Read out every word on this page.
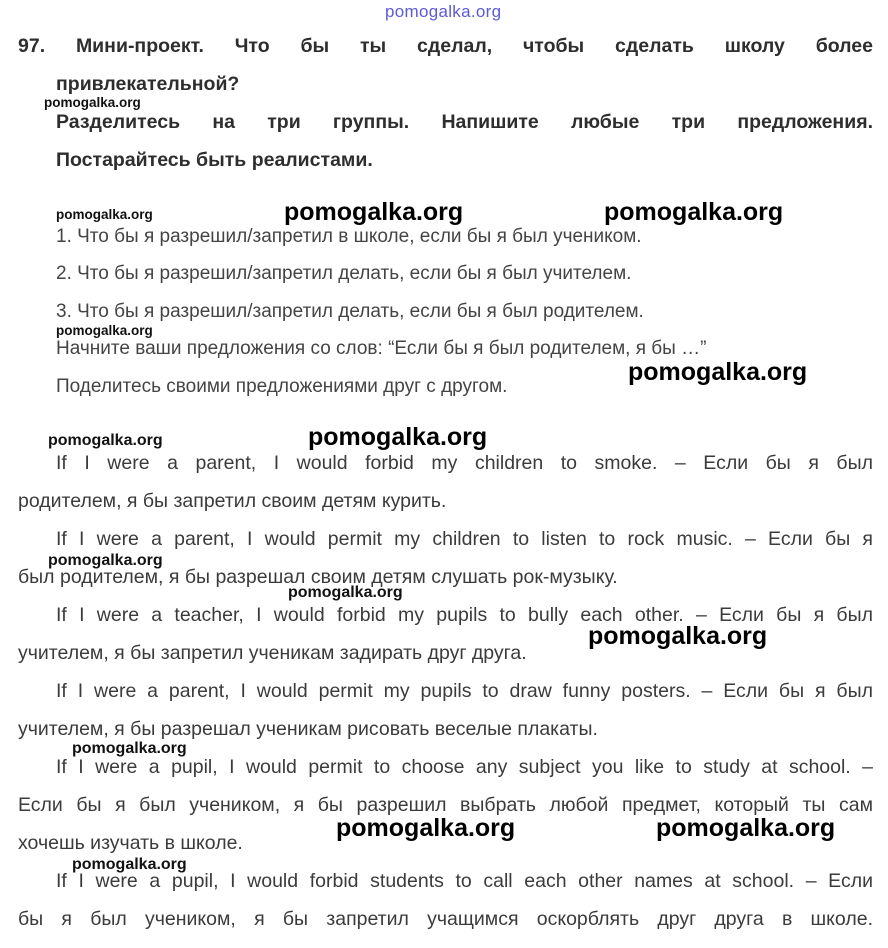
pomogalka.org
97. Мини-проект. Что бы ты сделал, чтобы сделать школу более
привлекательной?
Разделитесь на три группы. Напишите любые три предложения.
Постарайтесь быть реалистами.
1. Что бы я разрешил/запретил в школе, если бы я был учеником.
2. Что бы я разрешил/запретил делать, если бы я был учителем.
3. Что бы я разрешил/запретил делать, если бы я был родителем.
Начните ваши предложения со слов: “Если бы я был родителем, я бы …”
Поделитесь своими предложениями друг с другом.
If I were a parent, I would forbid my children to smoke. – Если бы я был
родителем, я бы запретил своим детям курить.
If I were a parent, I would permit my children to listen to rock music. – Если бы я
был родителем, я бы разрешал своим детям слушать рок-музыку.
If I were a teacher, I would forbid my pupils to bully each other. – Если бы я был
учителем, я бы запретил ученикам задирать друг друга.
If I were a parent, I would permit my pupils to draw funny posters. – Если бы я был
учителем, я бы разрешал ученикам рисовать веселые плакаты.
If I were a pupil, I would permit to choose any subject you like to study at school. –
Если бы я был учеником, я бы разрешил выбрать любой предмет, который ты сам
хочешь изучать в школе.
If I were a pupil, I would forbid students to call each other names at school. – Если
бы я был учеником, я бы запретил учащимся оскорблять друг друга в школе.
pomogalka.org
pomogalka.org
pomogalka.org
pomogalka.org
pomogalka.org
pomogalka.org
pomogalka.org
pomogalka.org
pomogalka.org	pomogalka.org
pomogalka.org
pomogalka.org
pomogalka.org
pomogalka.org	pomogalka.org
